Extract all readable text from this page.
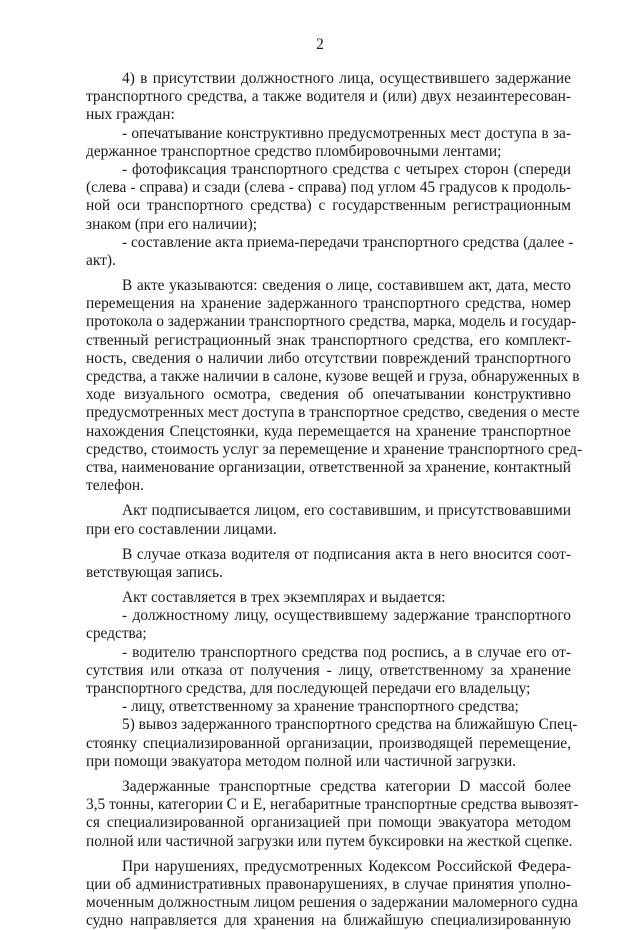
2
4) в присутствии должностного лица, осуществившего задержание
транспортного средства, а также водителя и (или) двух незаинтересован-
ных граждан:
- опечатывание конструктивно предусмотренных мест доступа в за-
держанное транспортное средство пломбировочными лентами;
- фотофиксация транспортного средства с четырех сторон (спереди
(слева - справа) и сзади (слева - справа) под углом 45 градусов к продоль-
ной оси транспортного средства) с государственным регистрационным
знаком (при его наличии);
- составление акта приема-передачи транспортного средства (далее -
акт).
В акте указываются: сведения о лице, составившем акт, дата, место
перемещения на хранение задержанного транспортного средства, номер
протокола о задержании транспортного средства, марка, модель и государ-
ственный регистрационный знак транспортного средства, его комплект-
ность, сведения о наличии либо отсутствии повреждений транспортного
средства, а также наличии в салоне, кузове вещей и груза, обнаруженных в
ходе визуального осмотра, сведения об опечатывании конструктивно
предусмотренных мест доступа в транспортное средство, сведения о месте
нахождения Спецстоянки, куда перемещается на хранение транспортное
средство, стоимость услуг за перемещение и хранение транспортного сред-
ства, наименование организации, ответственной за хранение, контактный
телефон.
Акт подписывается лицом, его составившим, и присутствовавшими
при его составлении лицами.
В случае отказа водителя от подписания акта в него вносится соот-
ветствующая запись.
Акт составляется в трех экземплярах и выдается:
- должностному лицу, осуществившему задержание транспортного
средства;
- водителю транспортного средства под роспись, а в случае его от-
сутствия или отказа от получения - лицу, ответственному за хранение
транспортного средства, для последующей передачи его владельцу;
- лицу, ответственному за хранение транспортного средства;
5) вывоз задержанного транспортного средства на ближайшую Спец-
стоянку специализированной организации, производящей перемещение,
при помощи эвакуатора методом полной или частичной загрузки.
Задержанные транспортные средства категории D массой более
3,5 тонны, категории C и E, негабаритные транспортные средства вывозят-
ся специализированной организацией при помощи эвакуатора методом
полной или частичной загрузки или путем буксировки на жесткой сцепке.
При нарушениях, предусмотренных Кодексом Российской Федера-
ции об административных правонарушениях, в случае принятия уполно-
моченным должностным лицом решения о задержании маломерного судна
судно направляется для хранения на ближайшую специализированную
